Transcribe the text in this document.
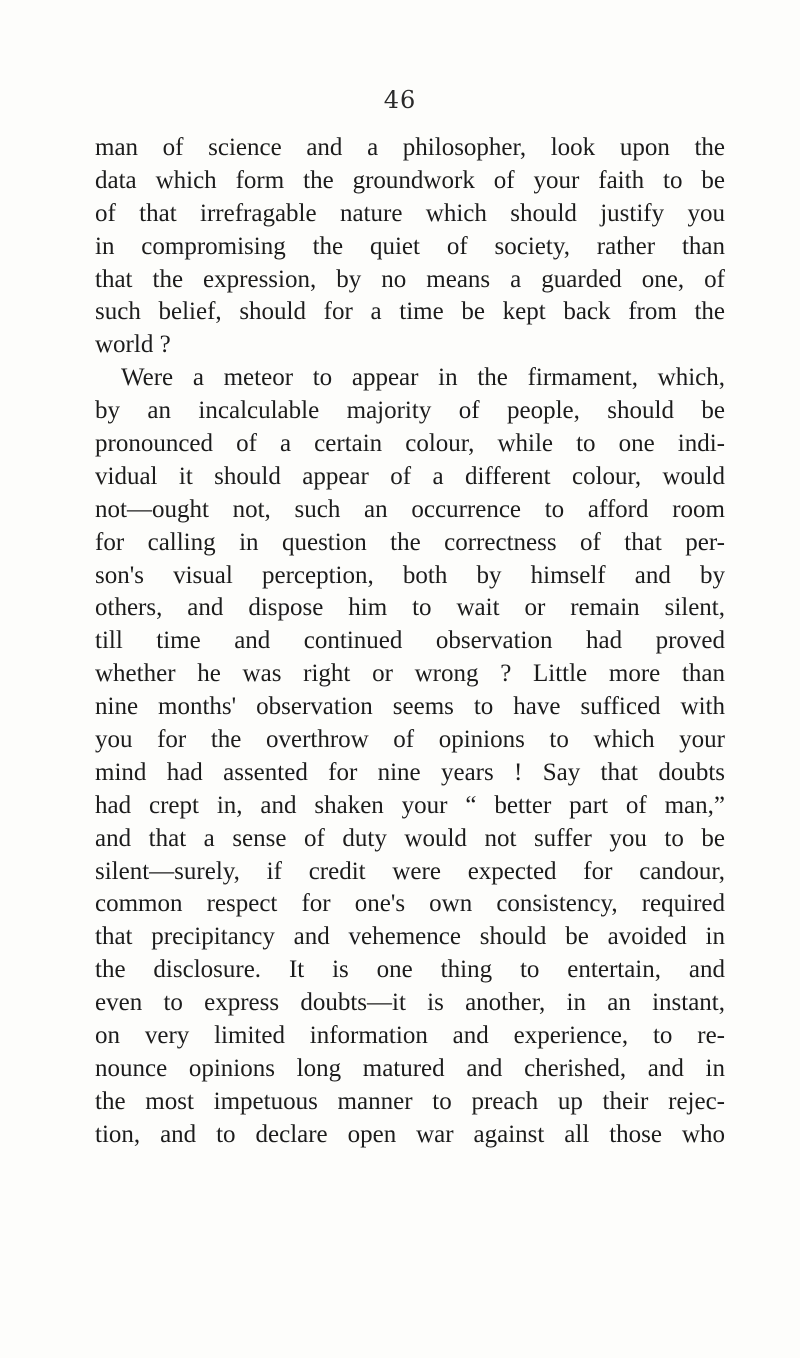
46
man of science and a philosopher, look upon the
data which form the groundwork of your faith to be
of that irrefragable nature which should justify you
in compromising the quiet of society, rather than
that the expression, by no means a guarded one, of
such belief, should for a time be kept back from the
world ?
Were a meteor to appear in the firmament, which,
by an incalculable majority of people, should be
pronounced of a certain colour, while to one indi-
vidual it should appear of a different colour, would
not—ought not, such an occurrence to afford room
for calling in question the correctness of that per-
son's visual perception, both by himself and by
others, and dispose him to wait or remain silent,
till time and continued observation had proved
whether he was right or wrong ? Little more than
nine months' observation seems to have sufficed with
you for the overthrow of opinions to which your
mind had assented for nine years ! Say that doubts
had crept in, and shaken your “ better part of man,”
and that a sense of duty would not suffer you to be
silent—surely, if credit were expected for candour,
common respect for one's own consistency, required
that precipitancy and vehemence should be avoided in
the disclosure. It is one thing to entertain, and
even to express doubts—it is another, in an instant,
on very limited information and experience, to re-
nounce opinions long matured and cherished, and in
the most impetuous manner to preach up their rejec-
tion, and to declare open war against all those who
